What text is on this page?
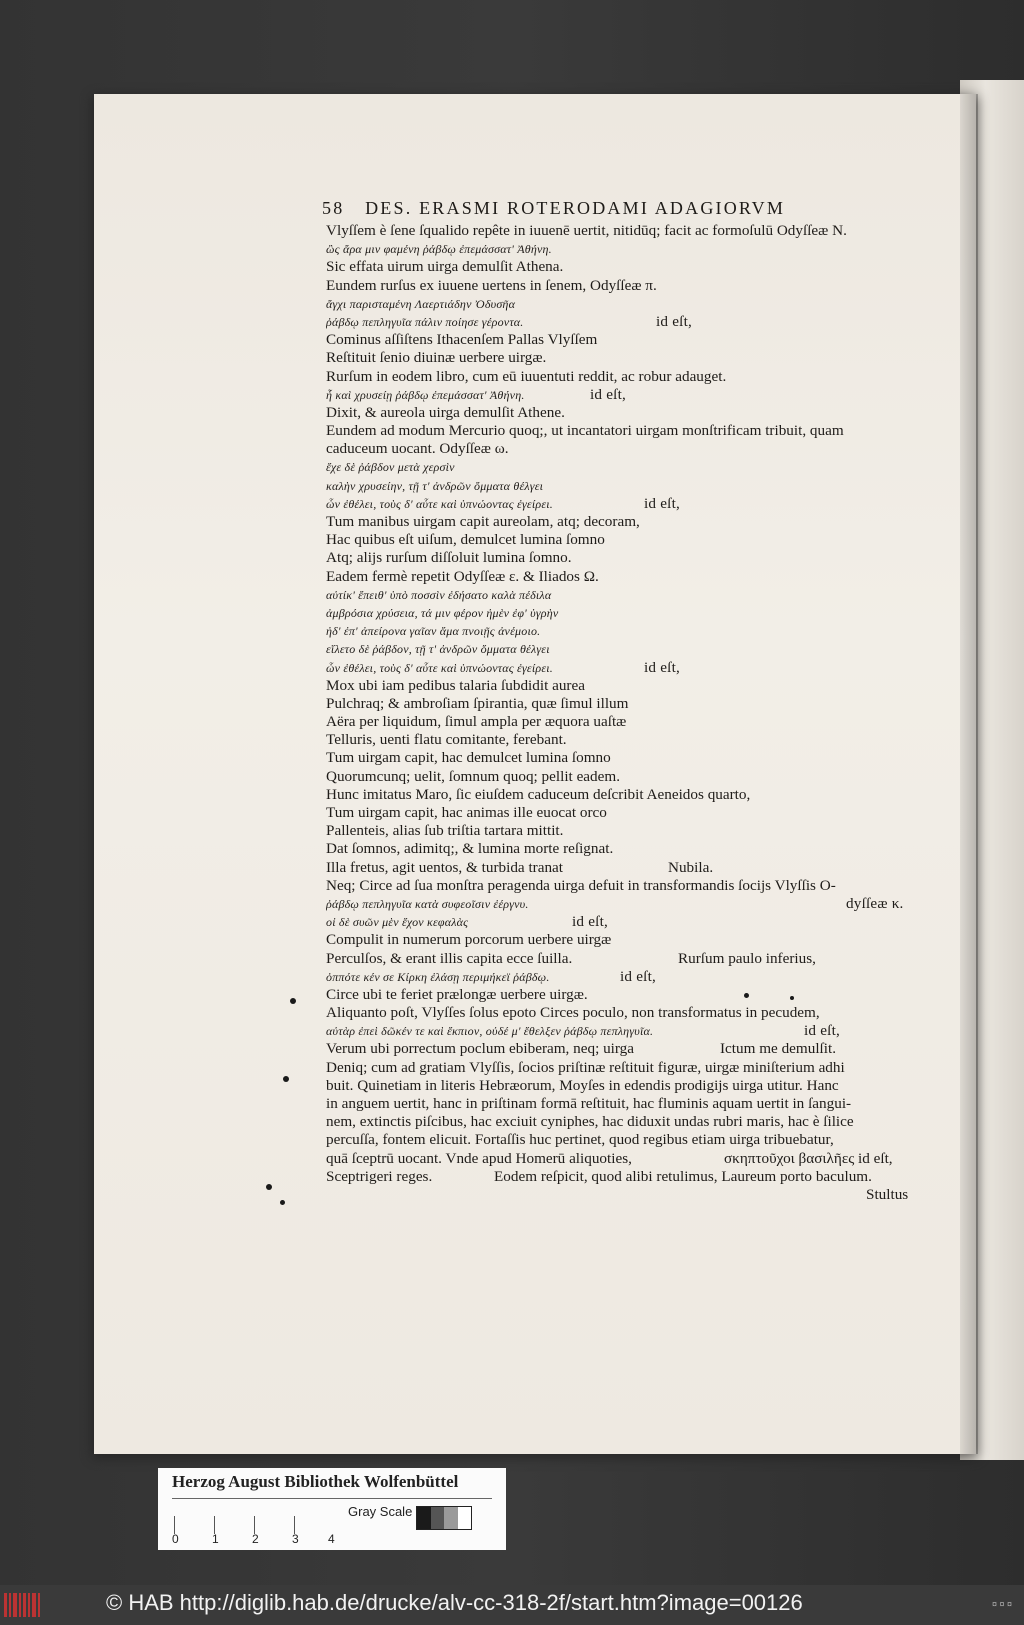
58 DES. ERASMI ROTERODAMI ADAGIORVM
Vlyſſem è ſene ſqualido repête in iuuenē uertit, nitidūq; facit ac formoſulū Odyſſeæ N.
ὣς ἄρα μιν φαμένη ῥάβδῳ ἐπεμάσσατ' Ἀθήνη.
Sic effata uirum uirga demulſit Athena.
Eundem rurſus ex iuuene uertens in ſenem, Odyſſeæ π.
ἄγχι παρισταμένη Λαερτιάδην Ὀδυσῆα
ῥάβδῳ πεπληγυῖα πάλιν ποίησε γέροντα.	id eſt,
Cominus aſſiſtens Ithacenſem Pallas Vlyſſem
Reſtituit ſenio diuinæ uerbere uirgæ.
Rurſum in eodem libro, cum eū iuuentuti reddit, ac robur adauget.
ἦ καὶ χρυσείῃ ῥάβδῳ ἐπεμάσσατ' Ἀθήνη.	id eſt,
Dixit, & aureola uirga demulſit Athene.
Eundem ad modum Mercurio quoq;, ut incantatori uirgam monſtrificam tribuit, quam
caduceum uocant. Odyſſeæ ω.
ἔχε δὲ ῥάβδον μετὰ χερσὶν
καλὴν χρυσείην, τῇ τ' ἀνδρῶν ὄμματα θέλγει
ὧν ἐθέλει, τοὺς δ' αὖτε καὶ ὑπνώοντας ἐγείρει.	id eſt,
Tum manibus uirgam capit aureolam, atq; decoram,
Hac quibus eſt uiſum, demulcet lumina ſomno
Atq; alijs rurſum diſſoluit lumina ſomno.
Eadem fermè repetit Odyſſeæ ε. & Iliados Ω.
αὐτίκ' ἔπειθ' ὑπὸ ποσσὶν ἐδήσατο καλὰ πέδιλα
ἀμβρόσια χρύσεια, τά μιν φέρον ἠμὲν ἐφ' ὑγρὴν
ἠδ' ἐπ' ἀπείρονα γαῖαν ἅμα πνοιῇς ἀνέμοιο.
εἵλετο δὲ ῥάβδον, τῇ τ' ἀνδρῶν ὄμματα θέλγει
ὧν ἐθέλει, τοὺς δ' αὖτε καὶ ὑπνώοντας ἐγείρει.	id eſt,
Mox ubi iam pedibus talaria ſubdidit aurea
Pulchraq; & ambroſiam ſpirantia, quæ ſimul illum
Aëra per liquidum, ſimul ampla per æquora uaſtæ
Telluris, uenti flatu comitante, ferebant.
Tum uirgam capit, hac demulcet lumina ſomno
Quorumcunq; uelit, ſomnum quoq; pellit eadem.
Hunc imitatus Maro, ſic eiuſdem caduceum deſcribit Aeneidos quarto,
Tum uirgam capit, hac animas ille euocat orco
Pallenteis, alias ſub triſtia tartara mittit.
Dat ſomnos, adimitq;, & lumina morte reſignat.
Illa fretus, agit uentos, & turbida tranat	Nubila.
Neq; Circe ad ſua monſtra peragenda uirga defuit in transformandis ſocijs Vlyſſis O-
ῥάβδῳ πεπληγυῖα κατὰ συφεοῖσιν ἐέργνυ.	dyſſeæ κ.
οἱ δὲ συῶν μὲν ἔχον κεφαλὰς	id eſt,
Compulit in numerum porcorum uerbere uirgæ
Perculſos, & erant illis capita ecce ſuilla.	Rurſum paulo inferius,
ὁππότε κέν σε Κίρκη ἐλάσῃ περιμήκεϊ ῥάβδῳ.	id eſt,
Circe ubi te feriet prælongæ uerbere uirgæ.
Aliquanto poſt, Vlyſſes ſolus epoto Circes poculo, non transformatus in pecudem,
αὐτὰρ ἐπεὶ δῶκέν τε καὶ ἔκπιον, οὐδέ μ' ἔθελξεν ῥάβδῳ πεπληγυῖα.	id eſt,
Verum ubi porrectum poclum ebiberam, neq; uirga	Ictum me demulſit.
Deniq; cum ad gratiam Vlyſſis, ſocios priſtinæ reſtituit figuræ, uirgæ miniſterium adhi
buit. Quinetiam in literis Hebræorum, Moyſes in edendis prodigijs uirga utitur. Hanc
in anguem uertit, hanc in priſtinam formā reſtituit, hac fluminis aquam uertit in ſangui-
nem, extinctis piſcibus, hac exciuit cyniphes, hac diduxit undas rubri maris, hac è ſilice
percuſſa, fontem elicuit. Fortaſſis huc pertinet, quod regibus etiam uirga tribuebatur,
quā ſceptrū uocant. Vnde apud Homerū aliquoties,	σκηπτοῦχοι βασιλῆες id eſt,
Sceptrigeri reges.	Eodem reſpicit, quod alibi retulimus, Laureum porto baculum.
Stultus
Herzog August Bibliothek Wolfenbüttel
0	1	2	3 4
Gray Scale
© HAB http://diglib.hab.de/drucke/alv-cc-318-2f/start.htm?image=00126	¤ ¤ ¤
